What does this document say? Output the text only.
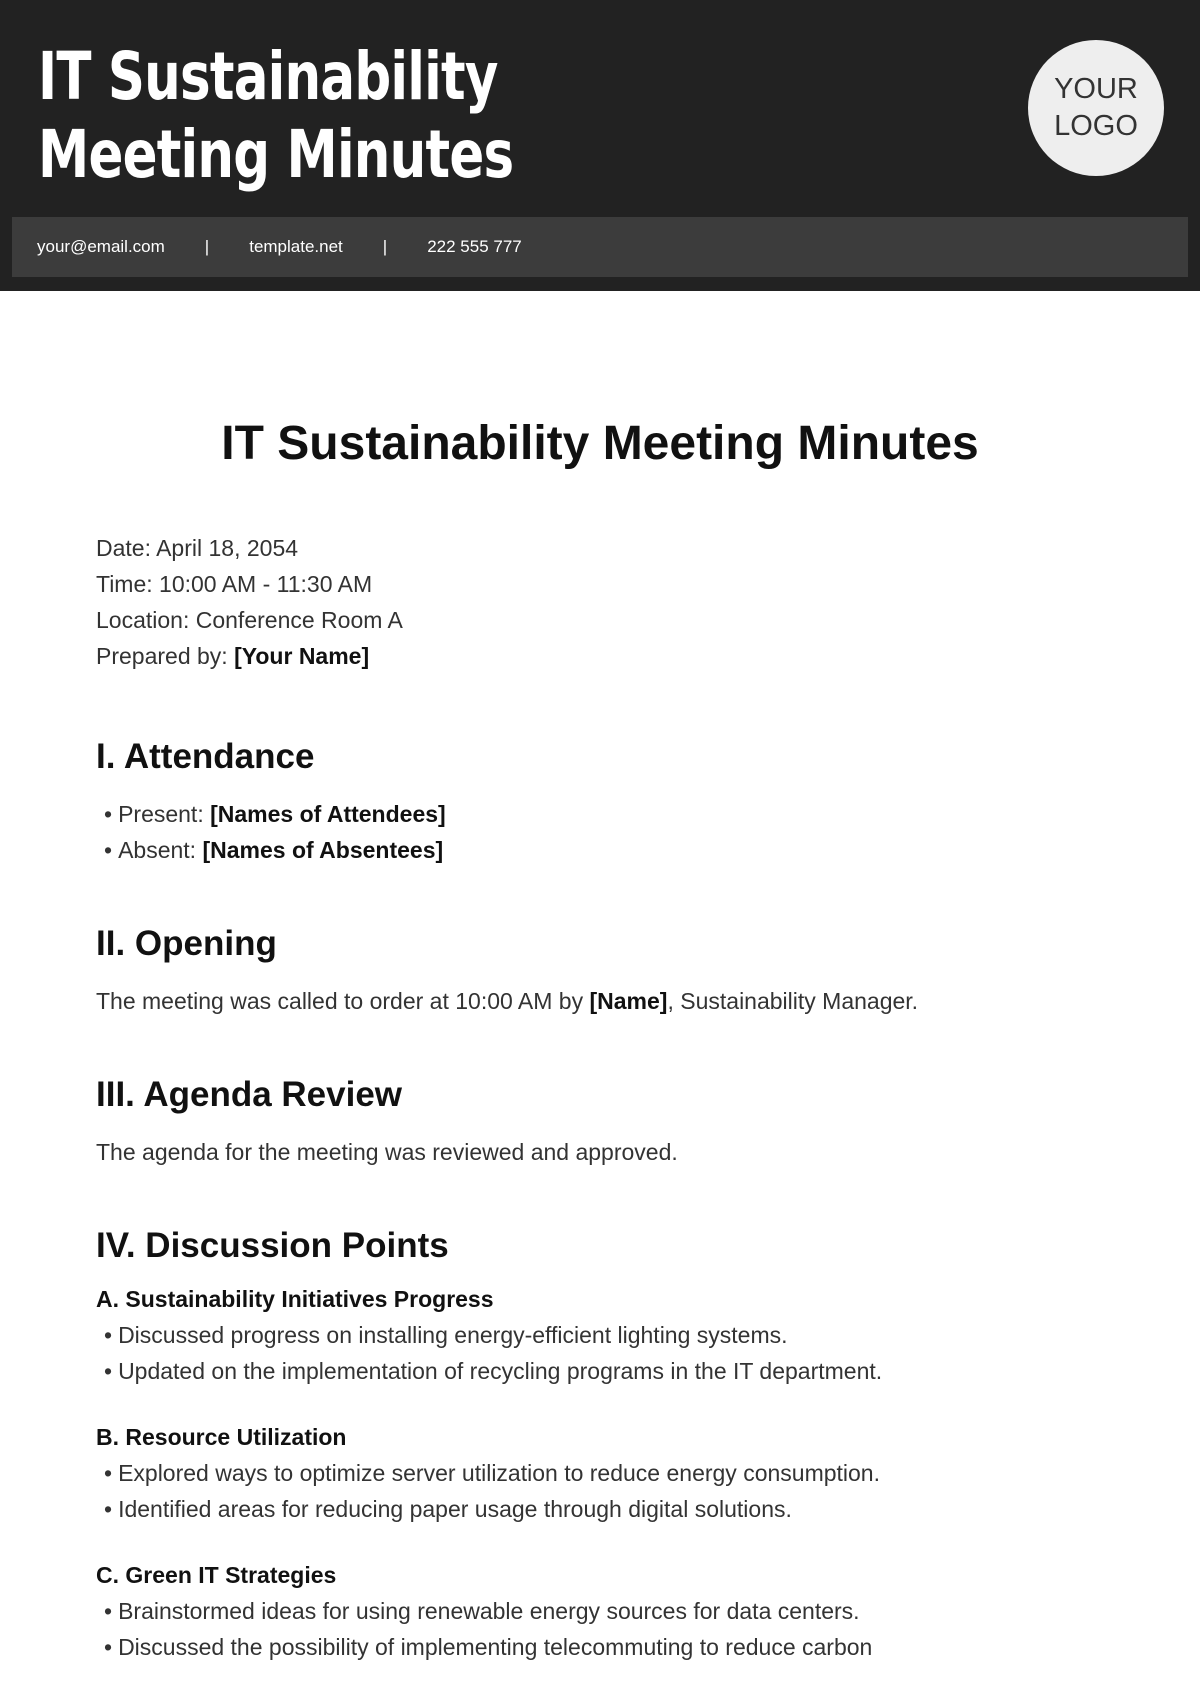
IT Sustainability
Meeting Minutes
YOUR
LOGO
your@email.com | template.net | 222 555 777
IT Sustainability Meeting Minutes

Date: April 18, 2054

Time: 10:00 AM - 11:30 AM

Location: Conference Room A

Prepared by: [Your Name]

I. Attendance
• Present: [Names of Attendees]
• Absent: [Names of Absentees]
II. Opening

The meeting was called to order at 10:00 AM by [Name], Sustainability Manager.

III. Agenda Review

The agenda for the meeting was reviewed and approved.

IV. Discussion Points
A. Sustainability Initiatives Progress
• Discussed progress on installing energy-efficient lighting systems.
• Updated on the implementation of recycling programs in the IT department.
B. Resource Utilization
• Explored ways to optimize server utilization to reduce energy consumption.
• Identified areas for reducing paper usage through digital solutions.
C. Green IT Strategies
• Brainstormed ideas for using renewable energy sources for data centers.
• Discussed the possibility of implementing telecommuting to reduce carbon
